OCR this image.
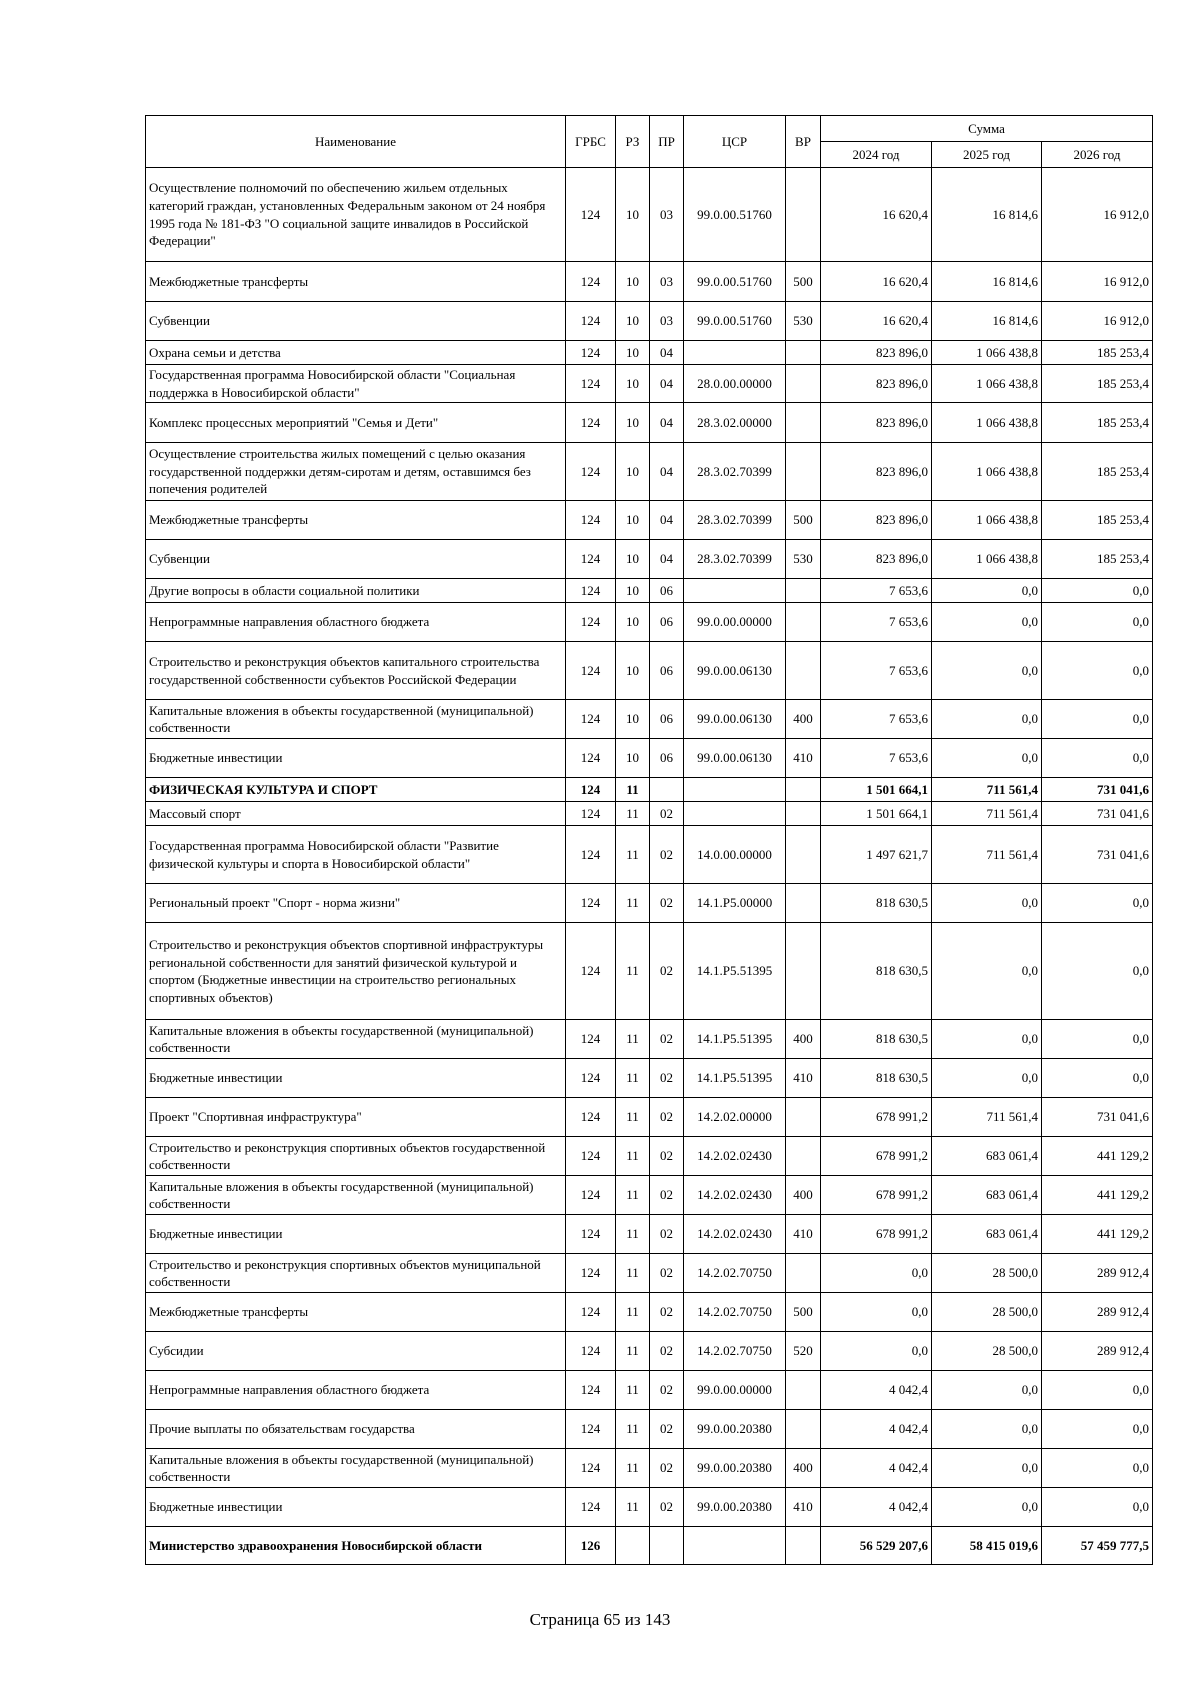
Наименование	ГРБС	РЗ	ПР	ЦСР	ВР	Сумма		
						2024 год	2025 год	2026 год
Осуществление полномочий по обеспечению жильем отдельных категорий граждан, установленных Федеральным законом от 24 ноября 1995 года № 181-ФЗ "О социальной защите инвалидов в Российской Федерации"	124	10	03	99.0.00.51760		16 620,4	16 814,6	16 912,0
Межбюджетные трансферты	124	10	03	99.0.00.51760	500	16 620,4	16 814,6	16 912,0
Субвенции	124	10	03	99.0.00.51760	530	16 620,4	16 814,6	16 912,0
Охрана семьи и детства	124	10	04			823 896,0	1 066 438,8	185 253,4
Государственная программа Новосибирской области "Социальная поддержка в Новосибирской области"	124	10	04	28.0.00.00000		823 896,0	1 066 438,8	185 253,4
Комплекс процессных мероприятий "Семья и Дети"	124	10	04	28.3.02.00000		823 896,0	1 066 438,8	185 253,4
Осуществление строительства жилых помещений с целью оказания государственной поддержки детям-сиротам и детям, оставшимся без попечения родителей	124	10	04	28.3.02.70399		823 896,0	1 066 438,8	185 253,4
Межбюджетные трансферты	124	10	04	28.3.02.70399	500	823 896,0	1 066 438,8	185 253,4
Субвенции	124	10	04	28.3.02.70399	530	823 896,0	1 066 438,8	185 253,4
Другие вопросы в области социальной политики	124	10	06			7 653,6	0,0	0,0
Непрограммные направления областного бюджета	124	10	06	99.0.00.00000		7 653,6	0,0	0,0
Строительство и реконструкция объектов капитального строительства государственной собственности субъектов Российской Федерации	124	10	06	99.0.00.06130		7 653,6	0,0	0,0
Капитальные вложения в объекты государственной (муниципальной) собственности	124	10	06	99.0.00.06130	400	7 653,6	0,0	0,0
Бюджетные инвестиции	124	10	06	99.0.00.06130	410	7 653,6	0,0	0,0
ФИЗИЧЕСКАЯ КУЛЬТУРА И СПОРТ	124	11				1 501 664,1	711 561,4	731 041,6
Массовый спорт	124	11	02			1 501 664,1	711 561,4	731 041,6
Государственная программа Новосибирской области "Развитие физической культуры и спорта в Новосибирской области"	124	11	02	14.0.00.00000		1 497 621,7	711 561,4	731 041,6
Региональный проект "Спорт - норма жизни"	124	11	02	14.1.P5.00000		818 630,5	0,0	0,0
Строительство и реконструкция объектов спортивной инфраструктуры региональной собственности для занятий физической культурой и спортом (Бюджетные инвестиции на строительство региональных спортивных объектов)	124	11	02	14.1.P5.51395		818 630,5	0,0	0,0
Капитальные вложения в объекты государственной (муниципальной) собственности	124	11	02	14.1.P5.51395	400	818 630,5	0,0	0,0
Бюджетные инвестиции	124	11	02	14.1.P5.51395	410	818 630,5	0,0	0,0
Проект "Спортивная инфраструктура"	124	11	02	14.2.02.00000		678 991,2	711 561,4	731 041,6
Строительство и реконструкция спортивных объектов государственной собственности	124	11	02	14.2.02.02430		678 991,2	683 061,4	441 129,2
Капитальные вложения в объекты государственной (муниципальной) собственности	124	11	02	14.2.02.02430	400	678 991,2	683 061,4	441 129,2
Бюджетные инвестиции	124	11	02	14.2.02.02430	410	678 991,2	683 061,4	441 129,2
Строительство и реконструкция спортивных объектов муниципальной собственности	124	11	02	14.2.02.70750		0,0	28 500,0	289 912,4
Межбюджетные трансферты	124	11	02	14.2.02.70750	500	0,0	28 500,0	289 912,4
Субсидии	124	11	02	14.2.02.70750	520	0,0	28 500,0	289 912,4
Непрограммные направления областного бюджета	124	11	02	99.0.00.00000		4 042,4	0,0	0,0
Прочие выплаты по обязательствам государства	124	11	02	99.0.00.20380		4 042,4	0,0	0,0
Капитальные вложения в объекты государственной (муниципальной) собственности	124	11	02	99.0.00.20380	400	4 042,4	0,0	0,0
Бюджетные инвестиции	124	11	02	99.0.00.20380	410	4 042,4	0,0	0,0
Министерство здравоохранения Новосибирской области	126					56 529 207,6	58 415 019,6	57 459 777,5
Страница 65 из 143
